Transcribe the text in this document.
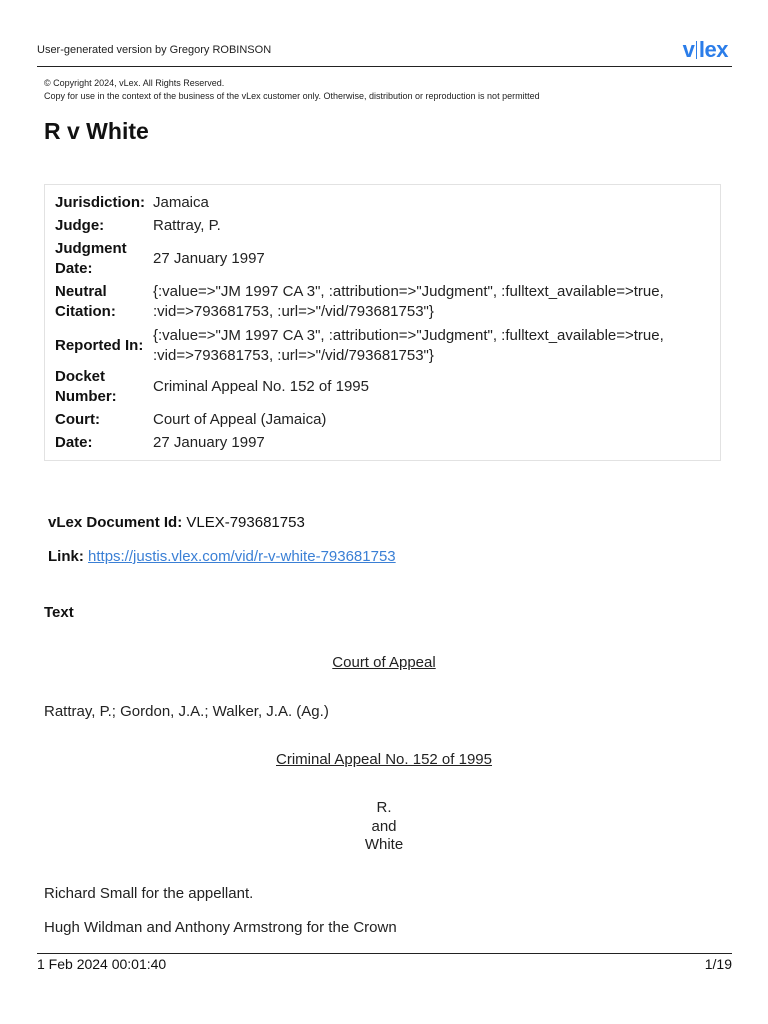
User-generated version by Gregory ROBINSON	v lex
© Copyright 2024, vLex. All Rights Reserved.
Copy for use in the context of the business of the vLex customer only. Otherwise, distribution or reproduction is not permitted
R v White
Jurisdiction: Jamaica
Judge:	Rattray, P.
Judgment
Date:
27 January 1997
Neutral
Citation:
{:value=>"JM 1997 CA 3", :attribution=>"Judgment", :fulltext_available=>true,
:vid=>793681753, :url=>"/vid/793681753"}
Reported In:
{:value=>"JM 1997 CA 3", :attribution=>"Judgment", :fulltext_available=>true,
:vid=>793681753, :url=>"/vid/793681753"}
Docket
Number:
Criminal Appeal No. 152 of 1995
Court:	Court of Appeal (Jamaica)
Date:	27 January 1997
vLex Document Id: VLEX-793681753
Link: https://justis.vlex.com/vid/r-v-white-793681753
Text
Court of Appeal
Rattray, P.; Gordon, J.A.; Walker, J.A. (Ag.)
Criminal Appeal No. 152 of 1995
R.
and
White
Richard Small for the appellant.
Hugh Wildman and Anthony Armstrong for the Crown
1 Feb 2024 00:01:40	1/19
